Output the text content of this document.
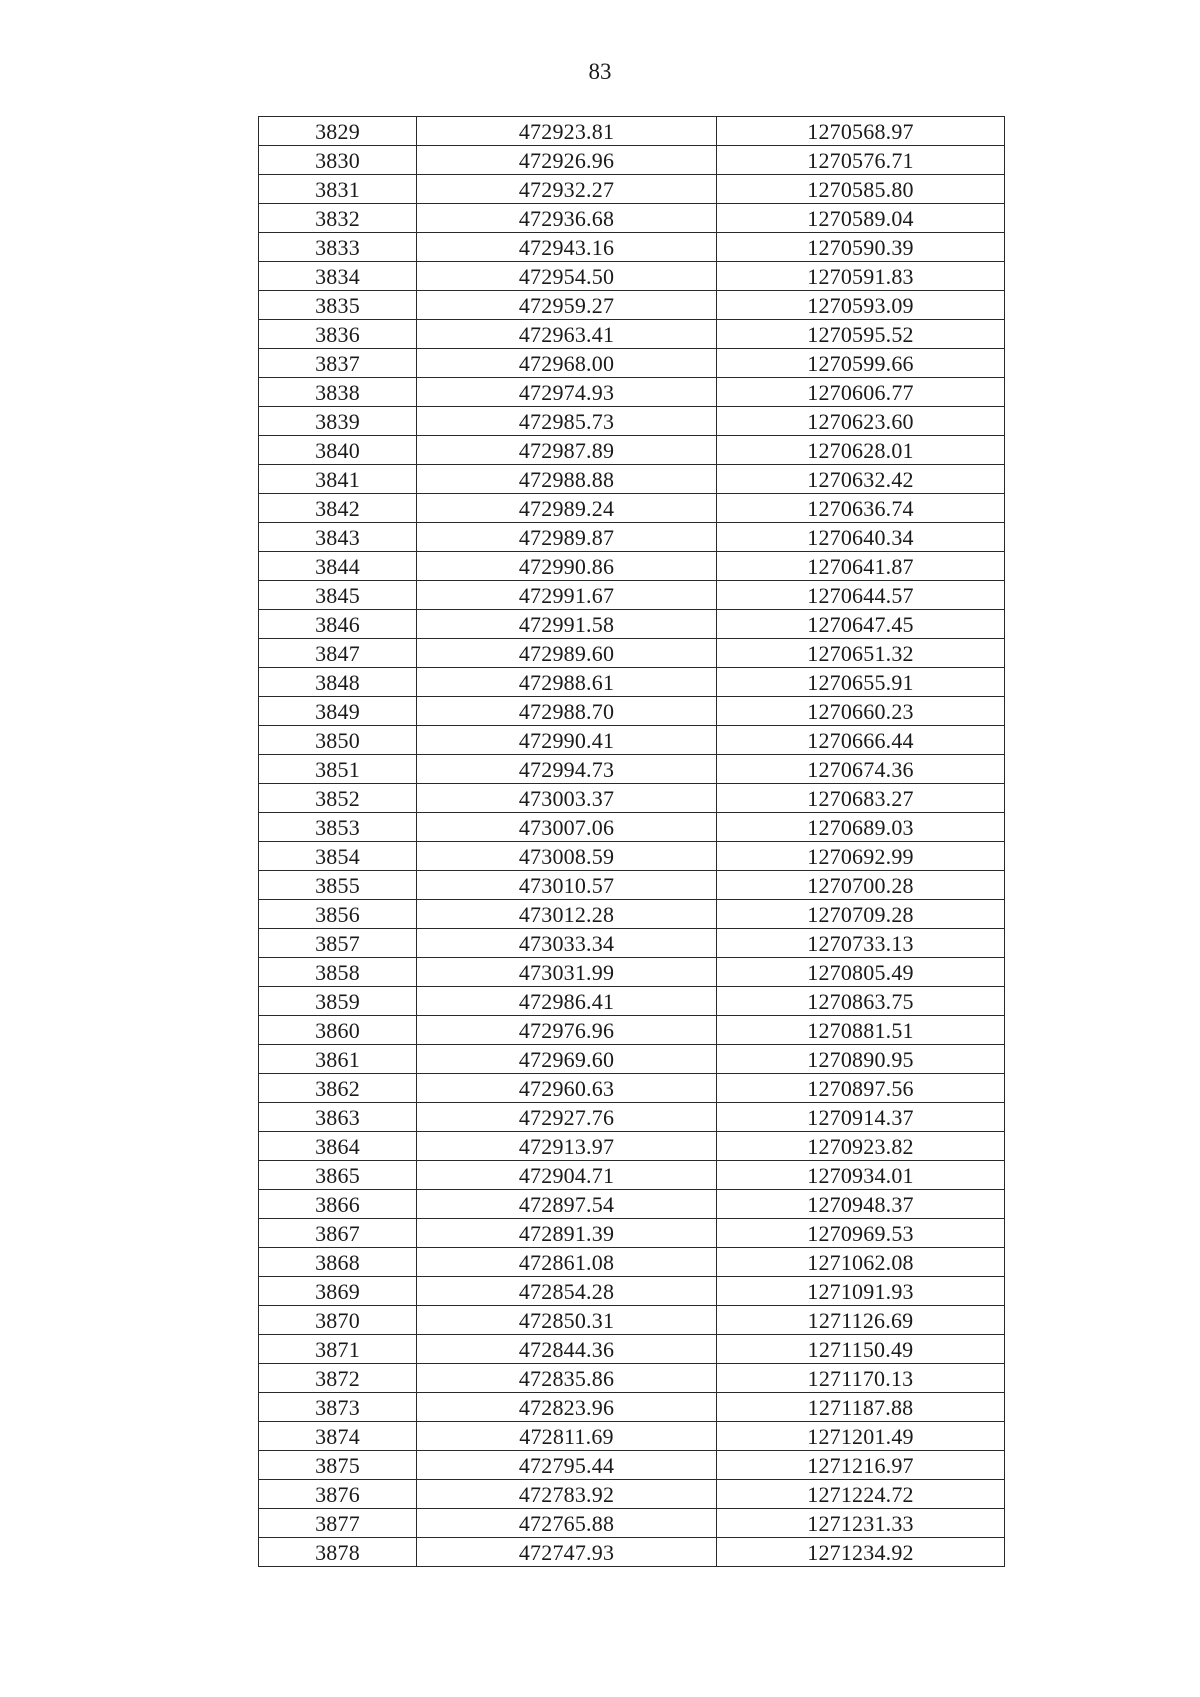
83
3829	472923.81	1270568.97
3830	472926.96	1270576.71
3831	472932.27	1270585.80
3832	472936.68	1270589.04
3833	472943.16	1270590.39
3834	472954.50	1270591.83
3835	472959.27	1270593.09
3836	472963.41	1270595.52
3837	472968.00	1270599.66
3838	472974.93	1270606.77
3839	472985.73	1270623.60
3840	472987.89	1270628.01
3841	472988.88	1270632.42
3842	472989.24	1270636.74
3843	472989.87	1270640.34
3844	472990.86	1270641.87
3845	472991.67	1270644.57
3846	472991.58	1270647.45
3847	472989.60	1270651.32
3848	472988.61	1270655.91
3849	472988.70	1270660.23
3850	472990.41	1270666.44
3851	472994.73	1270674.36
3852	473003.37	1270683.27
3853	473007.06	1270689.03
3854	473008.59	1270692.99
3855	473010.57	1270700.28
3856	473012.28	1270709.28
3857	473033.34	1270733.13
3858	473031.99	1270805.49
3859	472986.41	1270863.75
3860	472976.96	1270881.51
3861	472969.60	1270890.95
3862	472960.63	1270897.56
3863	472927.76	1270914.37
3864	472913.97	1270923.82
3865	472904.71	1270934.01
3866	472897.54	1270948.37
3867	472891.39	1270969.53
3868	472861.08	1271062.08
3869	472854.28	1271091.93
3870	472850.31	1271126.69
3871	472844.36	1271150.49
3872	472835.86	1271170.13
3873	472823.96	1271187.88
3874	472811.69	1271201.49
3875	472795.44	1271216.97
3876	472783.92	1271224.72
3877	472765.88	1271231.33
3878	472747.93	1271234.92
